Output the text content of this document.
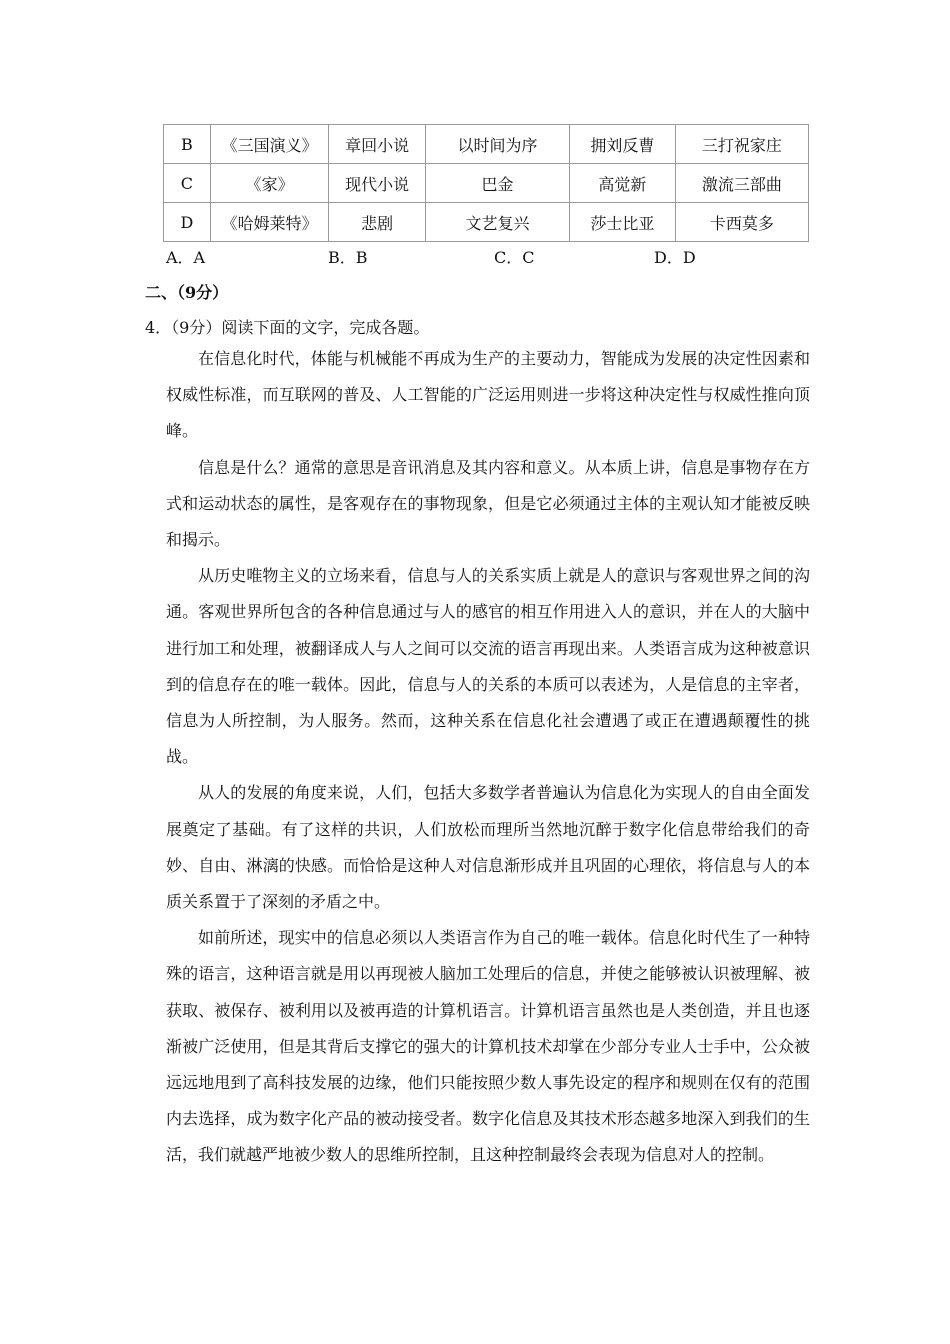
B	《三国演义》	章回小说	以时间为序	拥刘反曹	三打祝家庄
C	《家》	现代小说	巴金	高觉新	激流三部曲
D	《哈姆莱特》	悲剧	文艺复兴	莎士比亚	卡西莫多
A．A	B．B	C．C	D．D
二、（9分）
4．（9分）阅读下面的文字，完成各题。

在信息化时代，体能与机械能不再成为生产的主要动力，智能成为发展的决定性因素和权威性标准，而互联网的普及、人工智能的广泛运用则进一步将这种决定性与权威性推向顶峰。

信息是什么？通常的意思是音讯消息及其内容和意义。从本质上讲，信息是事物存在方式和运动状态的属性，是客观存在的事物现象，但是它必须通过主体的主观认知才能被反映和揭示。

从历史唯物主义的立场来看，信息与人的关系实质上就是人的意识与客观世界之间的沟通。客观世界所包含的各种信息通过与人的感官的相互作用进入人的意识，并在人的大脑中进行加工和处理，被翻译成人与人之间可以交流的语言再现出来。人类语言成为这种被意识到的信息存在的唯一载体。因此，信息与人的关系的本质可以表述为，人是信息的主宰者，信息为人所控制，为人服务。然而，这种关系在信息化社会遭遇了或正在遭遇颠覆性的挑战。

从人的发展的角度来说，人们，包括大多数学者普遍认为信息化为实现人的自由全面发展奠定了基础。有了这样的共识，人们放松而理所当然地沉醉于数字化信息带给我们的奇妙、自由、淋漓的快感。而恰恰是这种人对信息渐形成并且巩固的心理依，将信息与人的本质关系置于了深刻的矛盾之中。

如前所述，现实中的信息必须以人类语言作为自己的唯一载体。信息化时代生了一种特殊的语言，这种语言就是用以再现被人脑加工处理后的信息，并使之能够被认识被理解、被获取、被保存、被利用以及被再造的计算机语言。计算机语言虽然也是人类创造，并且也逐渐被广泛使用，但是其背后支撑它的强大的计算机技术却掌在少部分专业人士手中，公众被远远地甩到了高科技发展的边缘，他们只能按照少数人事先设定的程序和规则在仅有的范围内去选择，成为数字化产品的被动接受者。数字化信息及其技术形态越多地深入到我们的生活，我们就越严地被少数人的思维所控制，且这种控制最终会表现为信息对人的控制。
